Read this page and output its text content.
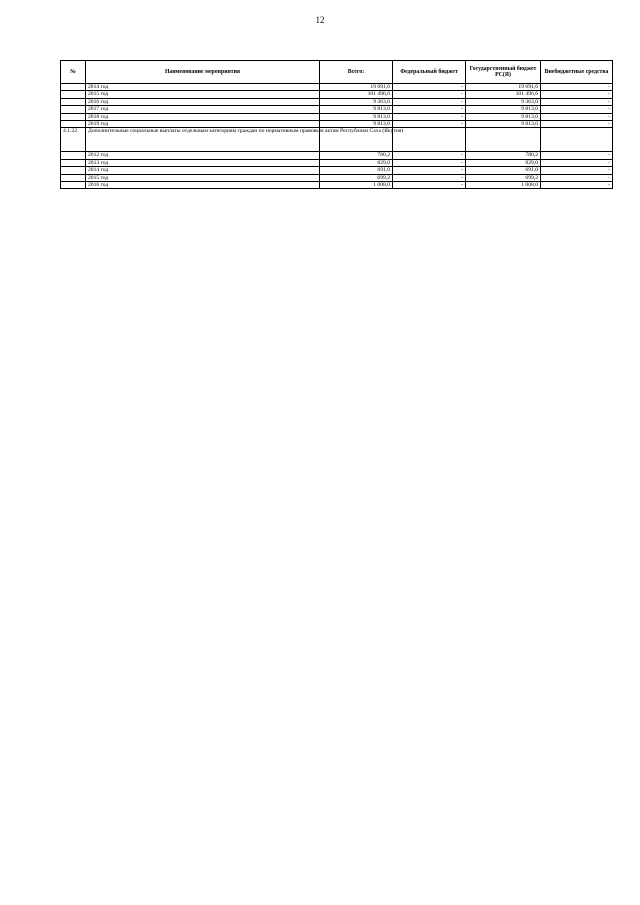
12
№	Наименование мероприятия	Всего:	Федеральный бюджет	Государственный бюджет РС(Я)	Внебюджетные средства
	2014 год	19 691,6	-	19 691,6	-
	2015 год	101 496,6	-	101 496,6	-
	2016 год	9 363,0	-	9 363,0	-
	2017 год	9 813,0	-	9 813,0	-
	2018 год	9 813,0	-	9 813,0	-
	2019 год	9 813,0	-	9 813,0	-
4.1.22.	Дополнительные социальные выплаты отдельным категориям граждан по нормативным правовым актам Республики Саха (Якутия)				
	2012 год	780,2	-	780,2	-
	2013 год	829,0	-	829,0	-
	2014 год	691,0	-	691,0	-
	2015 год	699,2	-	699,2	-
	2016 год	1 008,0	-	1 008,0	-
